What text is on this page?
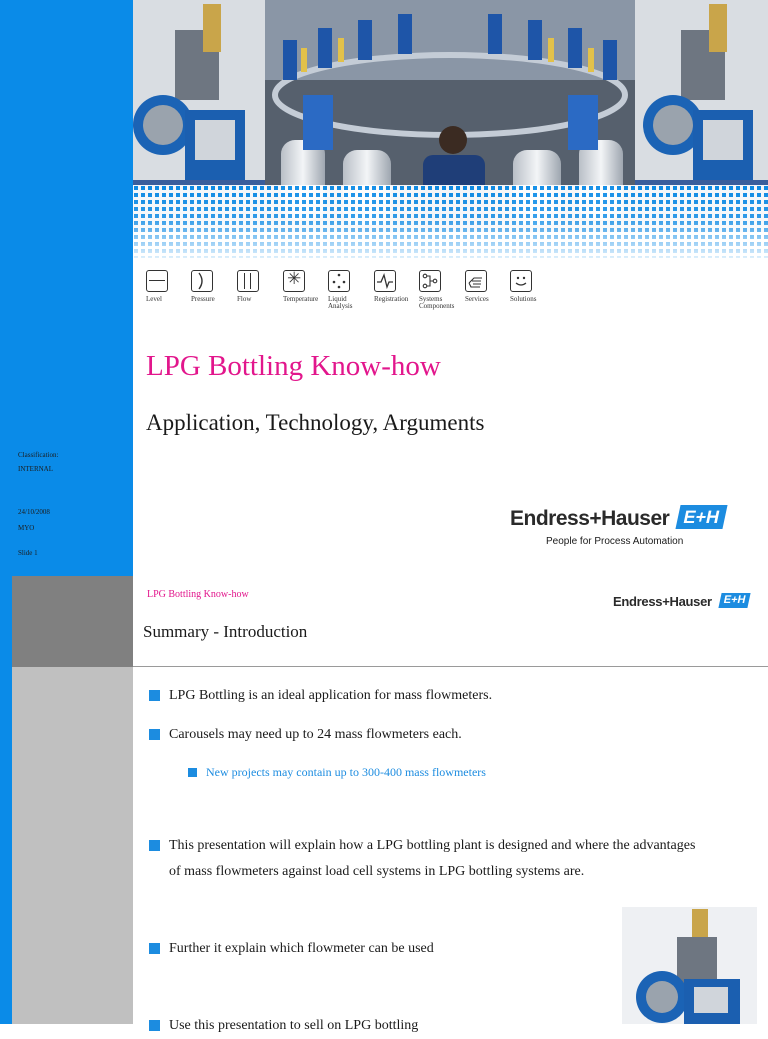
Classification:
INTERNAL
24/10/2008
MYO
Slide 1
Level	Pressure	Flow
✳
Temperature	Liquid Analysis
Registration	Systems Components
Services	Solutions
LPG Bottling Know-how
Application, Technology, Arguments
Endress+Hauser E+H
People for Process Automation
LPG Bottling Know-how
Summary - Introduction
Endress+Hauser E+H
LPG Bottling is an ideal application for mass flowmeters.
Carousels may need up to 24 mass flowmeters each.
New projects may contain up to 300-400 mass flowmeters
This presentation will explain how a LPG bottling plant is designed and where the advantages of mass flowmeters against load cell systems in LPG bottling systems are.
Further it explain which flowmeter can be used
Use this presentation to sell on LPG bottling
